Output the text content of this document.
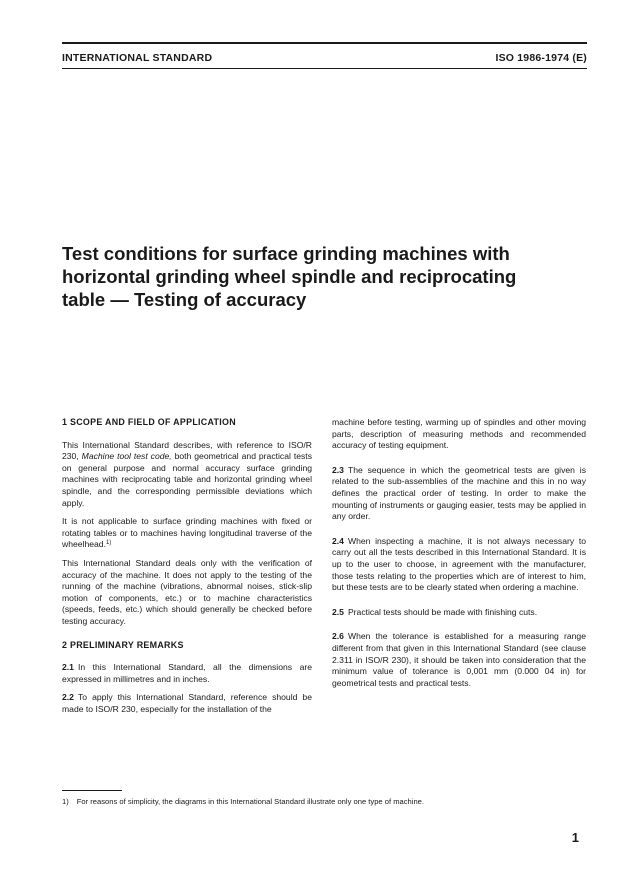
INTERNATIONAL STANDARD	ISO 1986-1974 (E)
Test conditions for surface grinding machines with
horizontal grinding wheel spindle and reciprocating
table — Testing of accuracy
1 SCOPE AND FIELD OF APPLICATION

This International Standard describes, with reference to ISO/R 230, Machine tool test code, both geometrical and practical tests on general purpose and normal accuracy surface grinding machines with reciprocating table and horizontal grinding wheel spindle, and the corresponding permissible deviations which apply.

It is not applicable to surface grinding machines with fixed or rotating tables or to machines having longitudinal traverse of the wheelhead.$^{1)}$

This International Standard deals only with the verification of accuracy of the machine. It does not apply to the testing of the running of the machine (vibrations, abnormal noises, stick-slip motion of components, etc.) or to machine characteristics (speeds, feeds, etc.) which should generally be checked before testing accuracy.

2 PRELIMINARY REMARKS

2.1 In this International Standard, all the dimensions are expressed in millimetres and in inches.

2.2 To apply this International Standard, reference should be made to ISO/R 230, especially for the installation of the

machine before testing, warming up of spindles and other moving parts, description of measuring methods and recommended accuracy of testing equipment.

2.3 The sequence in which the geometrical tests are given is related to the sub-assemblies of the machine and this in no way defines the practical order of testing. In order to make the mounting of instruments or gauging easier, tests may be applied in any order.

2.4 When inspecting a machine, it is not always necessary to carry out all the tests described in this International Standard. It is up to the user to choose, in agreement with the manufacturer, those tests relating to the properties which are of interest to him, but these tests are to be clearly stated when ordering a machine.

2.5 Practical tests should be made with finishing cuts.

2.6 When the tolerance is established for a measuring range different from that given in this International Standard (see clause 2.311 in ISO/R 230), it should be taken into consideration that the minimum value of tolerance is 0,001 mm (0.000 04 in) for geometrical tests and practical tests.

1) For reasons of simplicity, the diagrams in this International Standard illustrate only one type of machine.
1
